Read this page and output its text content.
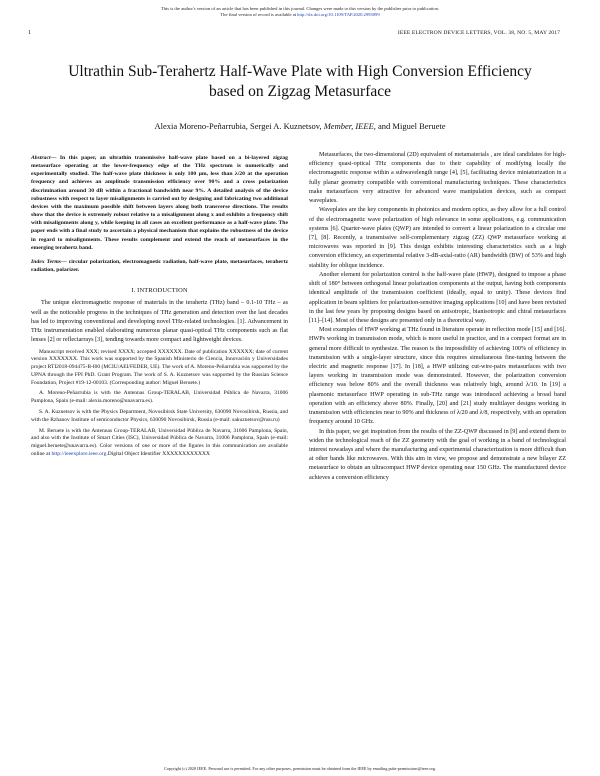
This is the author's version of an article that has been published in this journal. Changes were made to this version by the publisher prior to publication.
The final version of record is available at http://dx.doi.org/10.1109/TAP.2020.2993099
1	IEEE ELECTRON DEVICE LETTERS, VOL. 38, NO. 5, MAY 2017
Ultrathin Sub-Terahertz Half-Wave Plate with High Conversion Efficiency based on Zigzag Metasurface
Alexia Moreno-Peñarrubia, Sergei A. Kuznetsov, Member, IEEE, and Miguel Beruete

Abstract— In this paper, an ultrathin transmissive half-wave plate based on a bi-layered zigzag metasurface operating at the lower-frequency edge of the THz spectrum is numerically and experimentally studied. The half-wave plate thickness is only 100 μm, less than λ/20 at the operation frequency and achieves an amplitude transmission efficiency over 90% and a cross polarization discrimination around 30 dB within a fractional bandwidth near 9%. A detailed analysis of the device robustness with respect to layer misalignments is carried out by designing and fabricating two additional devices with the maximum possible shift between layers along both transverse directions. The results show that the device is extremely robust relative to a misalignment along x and exhibits a frequency shift with misalignments along y, while keeping in all cases an excellent performance as a half-wave plate. The paper ends with a final study to ascertain a physical mechanism that explains the robustness of the device in regard to misalignments. These results complement and extend the reach of metasurfaces in the emerging terahertz band.

Index Terms— circular polarization, electromagnetic radiation, half-wave plate, metasurfaces, terahertz radiation, polarizer.

I. INTRODUCTION

The unique electromagnetic response of materials in the terahertz (THz) band – 0.1-10 THz – as well as the noticeable progress in the techniques of THz generation and detection over the last decades has led to improving conventional and developing novel THz-related technologies. [1]. Advancement in THz instrumentation enabled elaborating numerous planar quasi-optical THz components such as flat lenses [2] or reflectarrays [3], tending towards more compact and lightweight devices.

Manuscript received XXX; revised XXXX; accepted XXXXXX. Date of publication XXXXXX; date of current version XXXXXXX. This work was supported by the Spanish Ministerio de Ciencia, Innovación y Universidades project RTI2018-094475-B-I00 (MCIU/AEI/FEDER, UE). The work of A. Moreno-Peñarrubia was supported by the UPNA through the FPI PhD. Grant Program. The work of S. A. Kuznetsov was supported by the Russian Science Foundation, Project #19-12-00103. (Corresponding author: Miguel Beruete.)

A. Moreno-Peñarrubia is with the Antennas Group-TERALAB, Universidad Pública de Navarra, 31006 Pamplona, Spain (e-mail: alexia.moreno@unavarra.es).

S. A. Kuznetsov is with the Physics Department, Novosibirsk State University, 630090 Novosibirsk, Russia, and with the Rzhanov Institute of semiconductor Physics, 630090 Novosibirsk, Russia (e-mail: sakuznetsov@nsu.ru)

M. Beruete is with the Antennas Group-TERALAB, Universidad Pública de Navarra, 31006 Pamplona, Spain, and also with the Institute of Smart Cities (ISC), Universidad Pública de Navarra, 31006 Pamplona, Spain (e-mail: miguel.beruete@unavarra.es). Color versions of one or more of the figures in this communication are available online at http://ieeexplore.ieee.org.Digital Object Identifier XXXXXXXXXXXX

Metasurfaces, the two-dimensional (2D) equivalent of metamaterials , are ideal candidates for high-efficiency quasi-optical THz components due to their capability of modifying locally the electromagnetic response within a subwavelength range [4], [5], facilitating device miniaturization in a fully planar geometry compatible with conventional manufacturing techniques. These characteristics make metasurfaces very attractive for advanced wave manipulation devices, such as compact waveplates.

Waveplates are the key components in photonics and modern optics, as they allow for a full control of the electromagnetic wave polarization of high relevance in some applications, e.g. communication systems [6]. Quarter-wave plates (QWP) are intended to convert a linear polarization to a circular one [7], [8]. Recently, a transmissive self-complementary zigzag (ZZ) QWP metasurface working at microwaves was reported in [9]. This design exhibits interesting characteristics such as a high conversion efficiency, an experimental relative 3-dB-axial-ratio (AR) bandwidth (BW) of 53% and high stability for oblique incidence.

Another element for polarization control is the half-wave plate (HWP), designed to impose a phase shift of 180° between orthogonal linear polarization components at the output, having both components identical amplitude of the transmission coefficient (ideally, equal to unity). These devices find application in beam splitters for polarization-sensitive imaging applications [10] and have been revisited in the last few years by proposing designs based on anisotropic, bianisotropic and chiral metasurfaces [11]–[14]. Most of these designs are presented only in a theoretical way.

Most examples of HWP working at THz found in literature operate in reflection mode [15] and [16]. HWPs working in transmission mode, which is more useful in practice, and in a compact format are in general more difficult to synthesize. The reason is the impossibility of achieving 100% of efficiency in transmission with a single-layer structure, since this requires simultaneous fine-tuning between the electric and magnetic response [17]. In [18], a HWP utilizing cut-wire-pairs metasurfaces with two layers working in transmission mode was demonstrated. However, the polarization conversion efficiency was below 80% and the overall thickness was relatively high, around λ/10. In [19] a plasmonic metasurface HWP operating in sub-THz range was introduced achieving a broad band operation with an efficiency above 80%. Finally, [20] and [21] study multilayer designs working in transmission with efficiencies near to 90% and thickness of λ/20 and λ/8, respectively, with an operation frequency around 10 GHz.

In this paper, we get inspiration from the results of the ZZ-QWP discussed in [9] and extend them to widen the technological reach of the ZZ geometry with the goal of working in a band of technological interest nowadays and where the manufacturing and experimental characterization is more difficult than at other bands like microwaves. With this aim in view, we propose and demonstrate a new bilayer ZZ metasurface to obtain an ultracompact HWP device operating near 150 GHz. The manufactured device achieves a conversion efficiency

Copyright (c) 2020 IEEE. Personal use is permitted. For any other purposes, permission must be obtained from the IEEE by emailing pubs-permissions@ieee.org.
